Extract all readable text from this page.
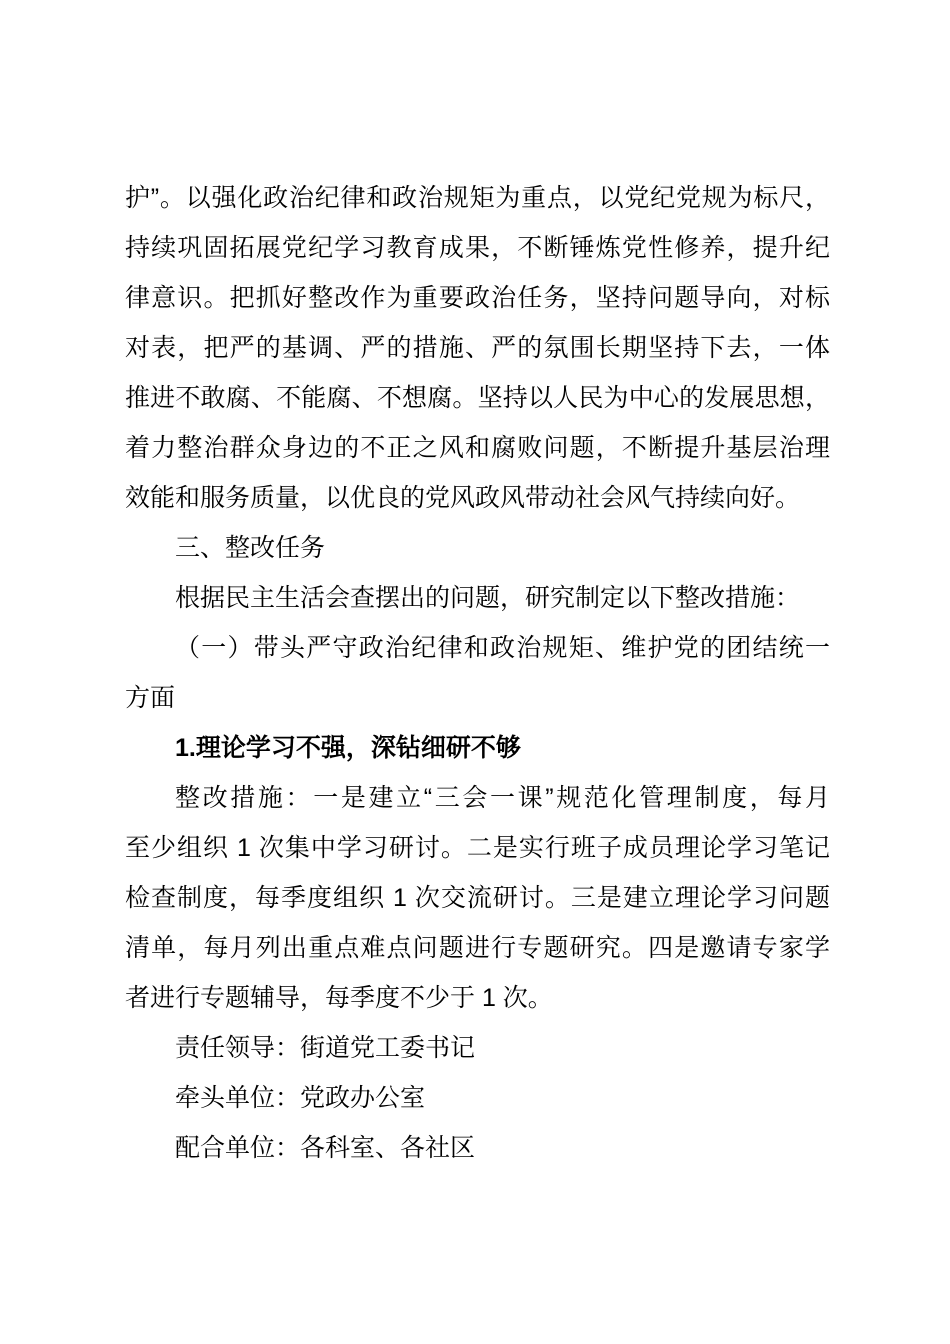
护”。以强化政治纪律和政治规矩为重点，以党纪党规为标尺，
持续巩固拓展党纪学习教育成果，不断锤炼党性修养，提升纪
律意识。把抓好整改作为重要政治任务，坚持问题导向，对标
对表，把严的基调、严的措施、严的氛围长期坚持下去，一体
推进不敢腐、不能腐、不想腐。坚持以人民为中心的发展思想，
着力整治群众身边的不正之风和腐败问题，不断提升基层治理
效能和服务质量，以优良的党风政风带动社会风气持续向好。
三、整改任务
根据民主生活会查摆出的问题，研究制定以下整改措施：
（一）带头严守政治纪律和政治规矩、维护党的团结统一
方面
1.理论学习不强，深钻细研不够
整改措施：一是建立“三会一课”规范化管理制度，每月
至少组织 1 次集中学习研讨。二是实行班子成员理论学习笔记
检查制度，每季度组织 1 次交流研讨。三是建立理论学习问题
清单，每月列出重点难点问题进行专题研究。四是邀请专家学
者进行专题辅导，每季度不少于 1 次。
责任领导：街道党工委书记
牵头单位：党政办公室
配合单位：各科室、各社区
